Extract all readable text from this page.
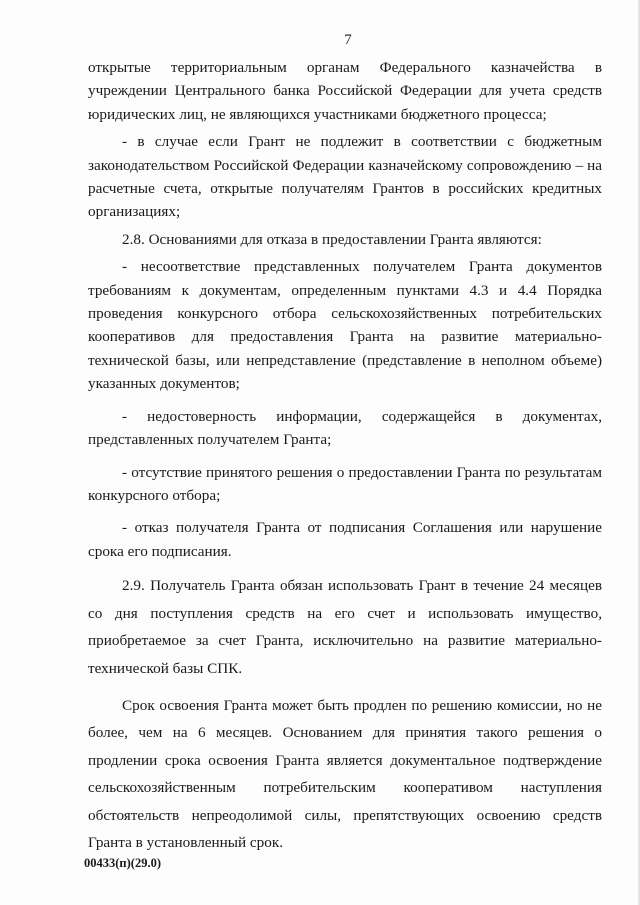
7

открытые территориальным органам Федерального казначейства в учреждении Центрального банка Российской Федерации для учета средств юридических лиц, не являющихся участниками бюджетного процесса;

- в случае если Грант не подлежит в соответствии с бюджетным законодательством Российской Федерации казначейскому сопровождению – на расчетные счета, открытые получателям Грантов в российских кредитных организациях;

2.8. Основаниями для отказа в предоставлении Гранта являются:

- несоответствие представленных получателем Гранта документов требованиям к документам, определенным пунктами 4.3 и 4.4 Порядка проведения конкурсного отбора сельскохозяйственных потребительских кооперативов для предоставления Гранта на развитие материально-технической базы, или непредставление (представление в неполном объеме) указанных документов;

- недостоверность информации, содержащейся в документах, представленных получателем Гранта;

- отсутствие принятого решения о предоставлении Гранта по результатам конкурсного отбора;

- отказ получателя Гранта от подписания Соглашения или нарушение срока его подписания.

2.9. Получатель Гранта обязан использовать Грант в течение 24 месяцев со дня поступления средств на его счет и использовать имущество, приобретаемое за счет Гранта, исключительно на развитие материально-технической базы СПК.

Срок освоения Гранта может быть продлен по решению комиссии, но не более, чем на 6 месяцев. Основанием для принятия такого решения о продлении срока освоения Гранта является документальное подтверждение сельскохозяйственным потребительским кооперативом наступления обстоятельств непреодолимой силы, препятствующих освоению средств Гранта в установленный срок.

00433(п)(29.0)
